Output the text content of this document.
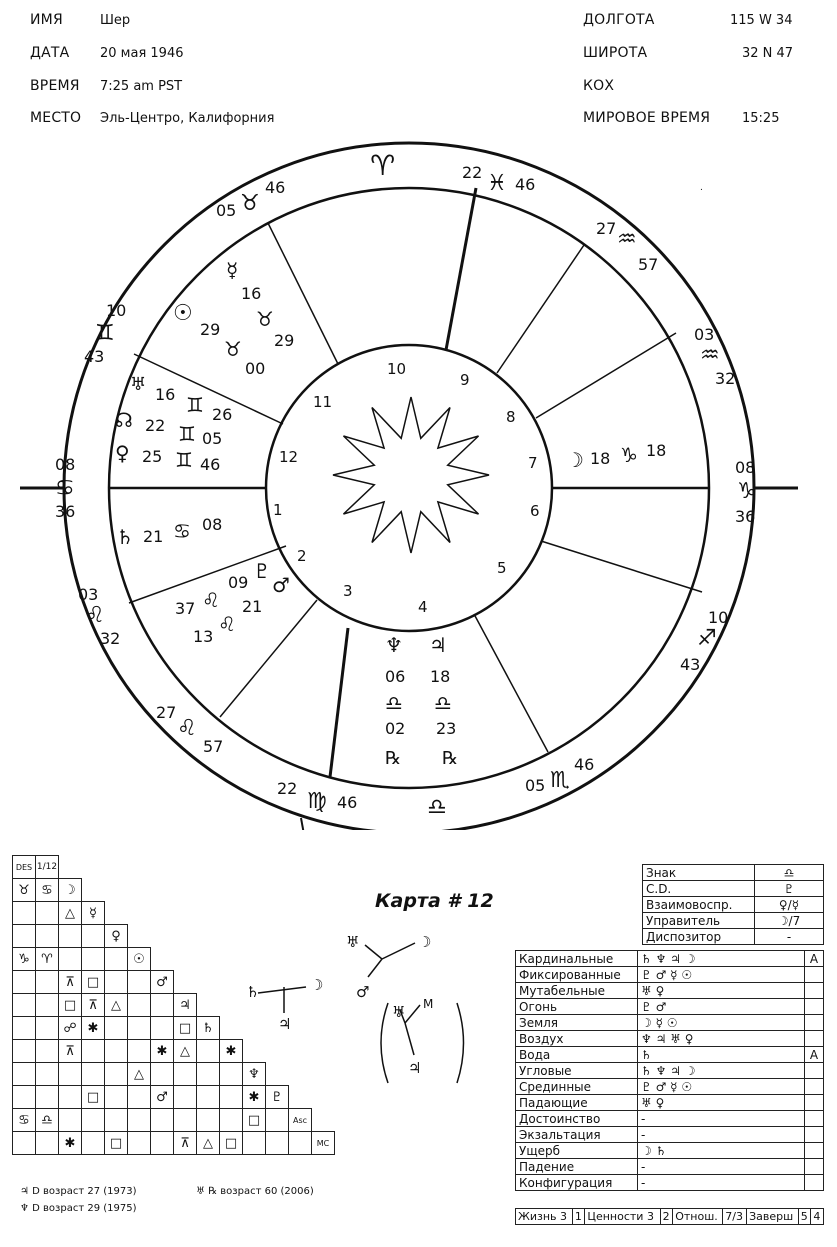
ИМЯ	Шер
ДАТА 20 мая 1946
ВРЕМЯ 7:25 am PST
МЕСТО Эль-Центро, Калифорния
ДОЛГОТА	115 W 34
ШИРОТА	32 N 47
КОХ
МИРОВОЕ ВРЕМЯ 15:25
1
2
3
4
5
6
7
8
9
10
11
12
♈
♎
05 ♉
46
22 ♓ 46
27 ♒
57
03
♒
32
08
♑
36
10
♐
43
05 ♏
46
22
♍ 46
27
♌
57
03
♌
32
08
♋
36
10
♊
43
☿
16
♉
29
☉
29
♉
00
♅ 16 ♊ 26
☊ 22 ♊ 05
♀ 25 ♊ 46
♄ 21 ♋ 08
♇
09
♌
37
♂
21
♌
13	♆
06
♎
02
℞
♃
18
♎
23
℞
☽ 18 ♑ 18
.
DES	1/12												
♉	♋	☽											
		△	☿										
				♀									
♑	♈				☉								
		⊼	□			♂							
		□	⊼	△			♃						
		☍	✱				□	♄					
		⊼				✱	△		✱				
					△					♆			
			□			♂				✱	♇		
♋	♎									□		Asc	
		✱		□			⊼	△	□				MC
♃ D возраст 27 (1973)	♅ ℞ возраст 60 (2006)
♆ D возраст 29 (1975)
Карта # 12
♅	☽
♂
♄	☽
♃
♅ M
♃
Знак	♎
C.D.	♇
Взаимовоспр.	♀/☿
Управитель	☽/7
Диспозитор	-
Кардинальные	♄ ♆ ♃ ☽	А
Фиксированные	♇ ♂ ☿ ☉	
Мутабельные	♅ ♀	
Огонь	♇ ♂	
Земля	☽ ☿ ☉	
Воздух	♆ ♃ ♅ ♀	
Вода	♄	А
Угловые	♄ ♆ ♃ ☽	
Срединные	♇ ♂ ☿ ☉	
Падающие	♅ ♀	
Достоинство	-	
Экзальтация	-	
Ущерб	☽ ♄	
Падение	-	
Конфигурация	-	
Жизнь 3	1	Ценности 3	2	Отнош.	7/3	Заверш	5	4
